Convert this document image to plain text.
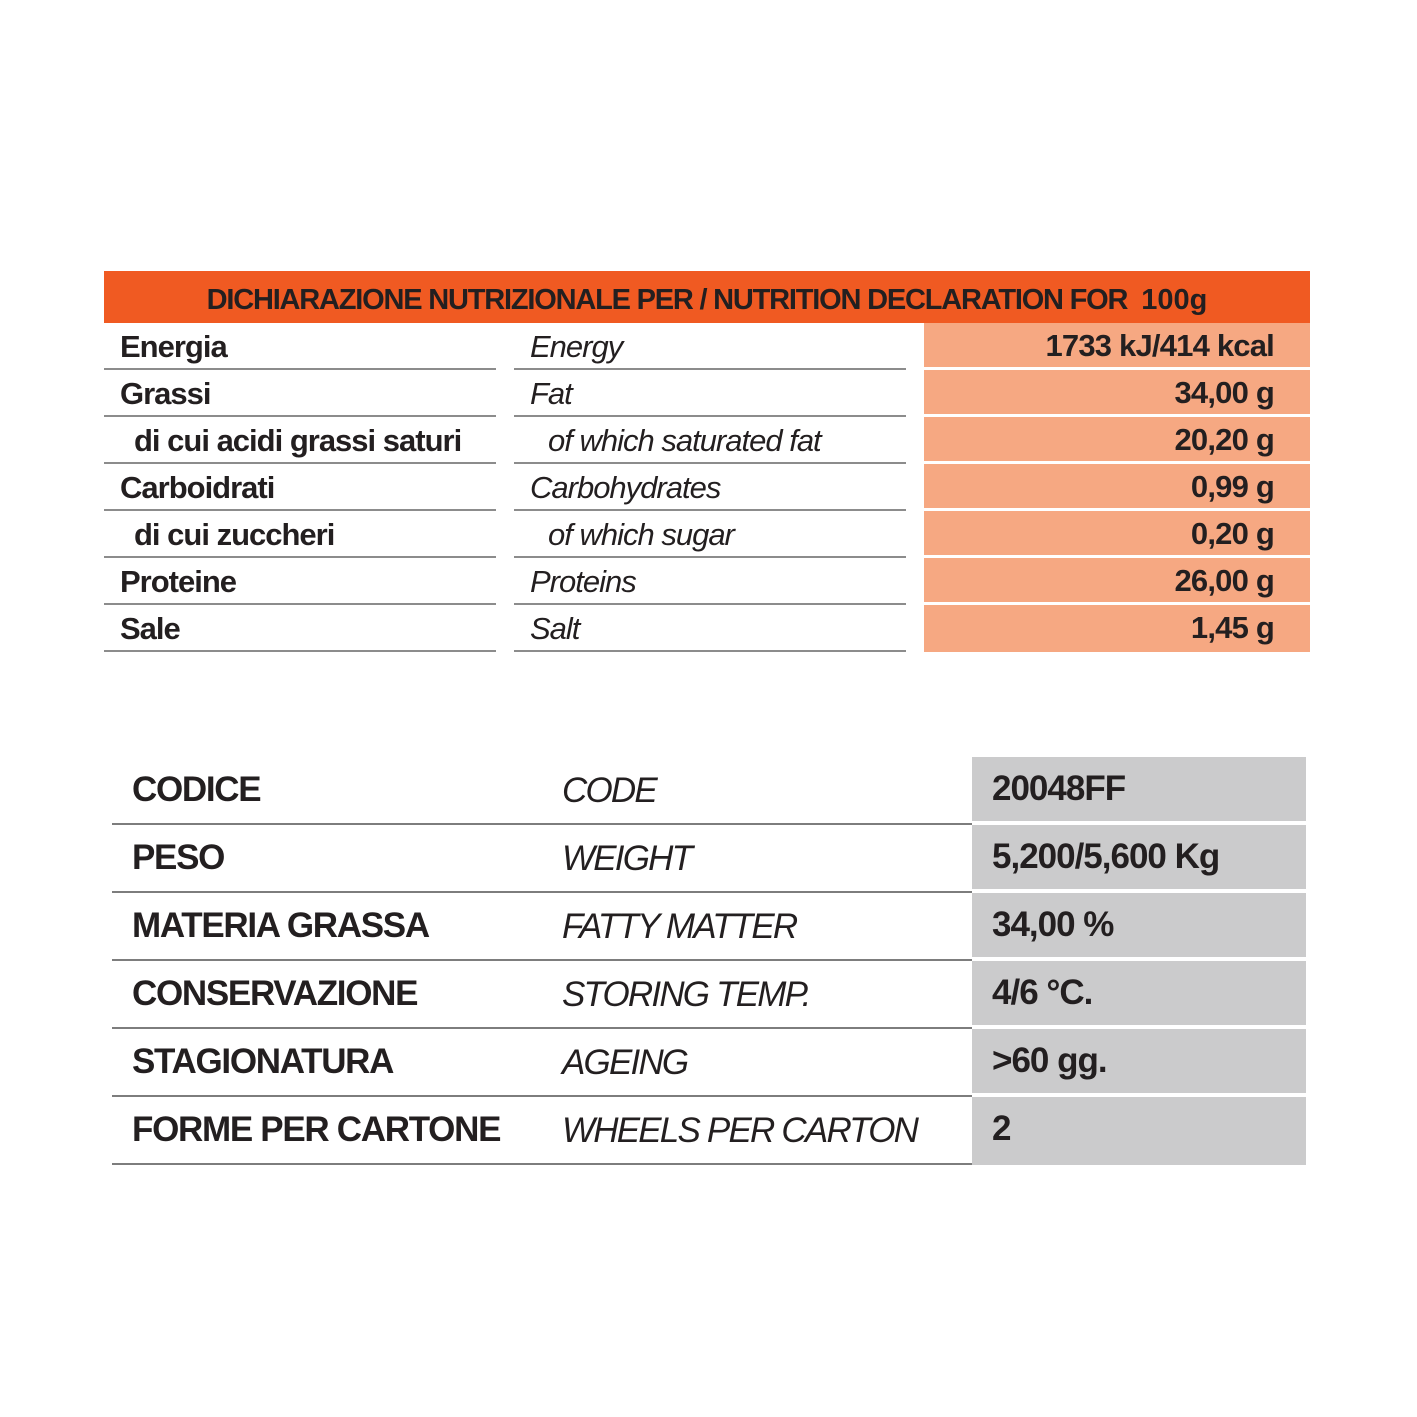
DICHIARAZIONE NUTRIZIONALE PER / NUTRITION DECLARATION FOR 100g
Energia	Energy	1733 kJ/414 kcal
Grassi	Fat	34,00 g
di cui acidi grassi saturi	of which saturated fat	20,20 g
Carboidrati	Carbohydrates	0,99 g
di cui zuccheri	of which sugar	0,20 g
Proteine	Proteins	26,00 g
Sale	Salt	1,45 g
CODICE	CODE	20048FF
PESO	WEIGHT	5,200/5,600 Kg
MATERIA GRASSA	FATTY MATTER	34,00 %
CONSERVAZIONE	STORING TEMP.	4/6 °C.
STAGIONATURA	AGEING	>60 gg.
FORME PER CARTONE	WHEELS PER CARTON	2
